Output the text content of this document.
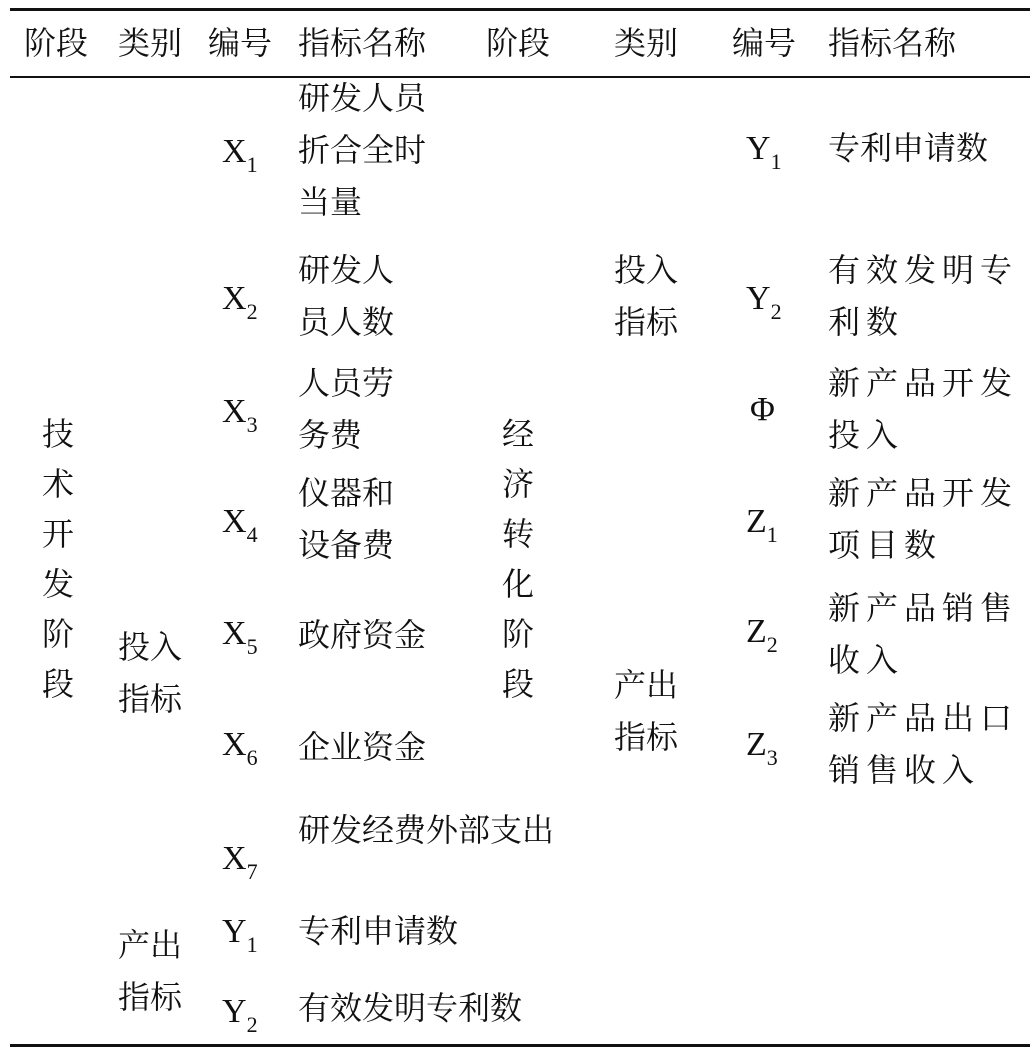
阶段 类别 编号 指标名称 阶段 类别 编号 指标名称
技术开发阶段
投入指标
产出指标
$X_1$
研发人员折合全时当量
$X_2$
研发人员人数
$X_3$
人员劳务费
$X_4$
仪器和设备费
$X_5$ 政府资金
$X_6$ 企业资金
$X_7$
研发经费外部支出
$Y_1$ 专利申请数
$Y_2$ 有效发明专利数
经济转化阶段
投入指标
产出指标
$Y_1$ 专利申请数
$Y_2$
有效发明专利数
Φ
新产品开发投入
$Z_1$
新产品开发项目数
$Z_2$
新产品销售收入
$Z_3$
新产品出口销售收入
